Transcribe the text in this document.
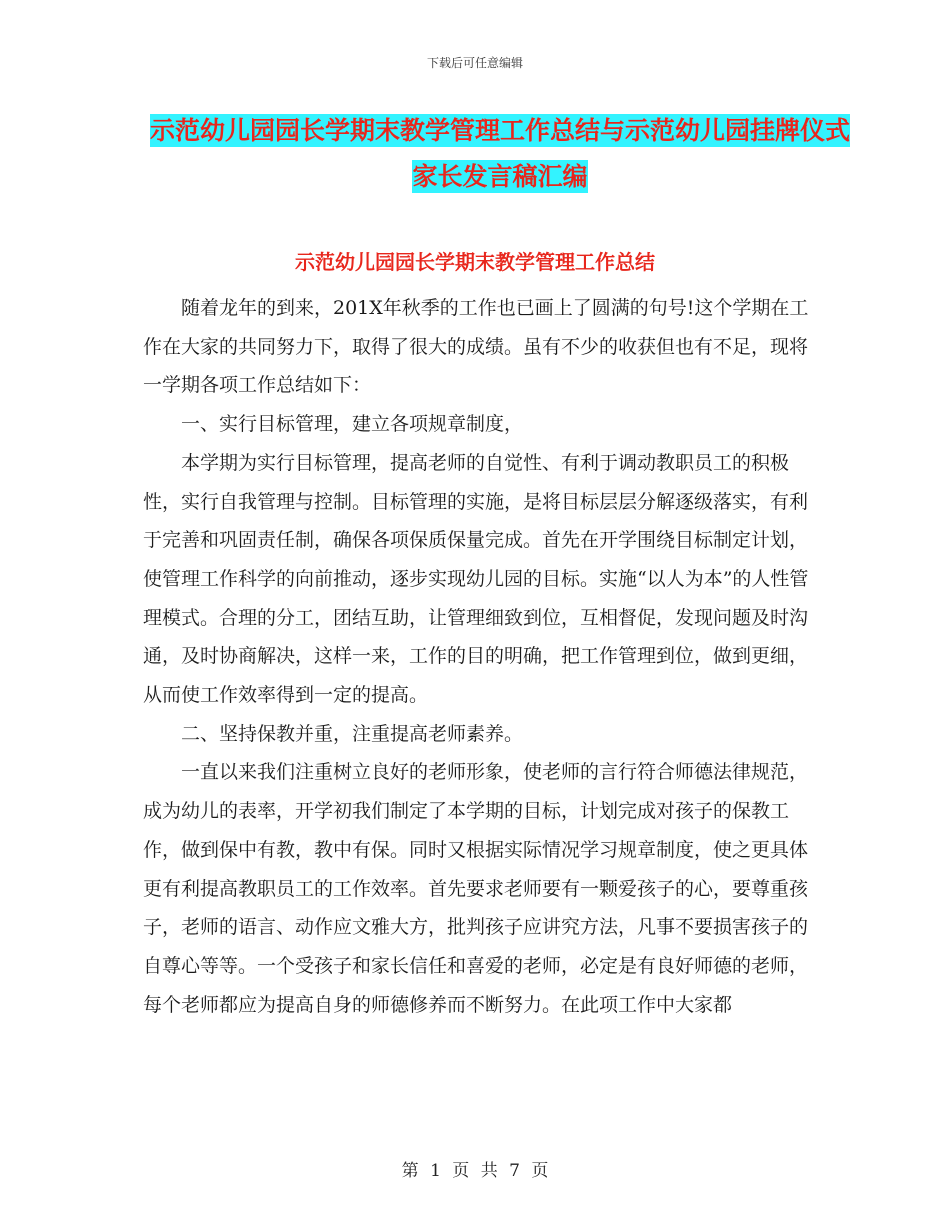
下载后可任意编辑
示范幼儿园园长学期末教学管理工作总结与示范幼儿园挂牌仪式家长发言稿汇编
示范幼儿园园长学期末教学管理工作总结

随着龙年的到来，201X年秋季的工作也已画上了圆满的句号!这个学期在工作在大家的共同努力下，取得了很大的成绩。虽有不少的收获但也有不足，现将一学期各项工作总结如下：

一、实行目标管理，建立各项规章制度，

本学期为实行目标管理，提高老师的自觉性、有利于调动教职员工的积极性，实行自我管理与控制。目标管理的实施，是将目标层层分解逐级落实，有利于完善和巩固责任制，确保各项保质保量完成。首先在开学围绕目标制定计划，使管理工作科学的向前推动，逐步实现幼儿园的目标。实施“以人为本”的人性管理模式。合理的分工，团结互助，让管理细致到位，互相督促，发现问题及时沟通，及时协商解决，这样一来，工作的目的明确，把工作管理到位，做到更细，从而使工作效率得到一定的提高。

二、坚持保教并重，注重提高老师素养。

一直以来我们注重树立良好的老师形象，使老师的言行符合师德法律规范，成为幼儿的表率，开学初我们制定了本学期的目标，计划完成对孩子的保教工作，做到保中有教，教中有保。同时又根据实际情况学习规章制度，使之更具体更有利提高教职员工的工作效率。首先要求老师要有一颗爱孩子的心，要尊重孩子，老师的语言、动作应文雅大方，批判孩子应讲究方法，凡事不要损害孩子的自尊心等等。一个受孩子和家长信任和喜爱的老师，必定是有良好师德的老师，每个老师都应为提高自身的师德修养而不断努力。在此项工作中大家都

第 1 页 共 7 页
